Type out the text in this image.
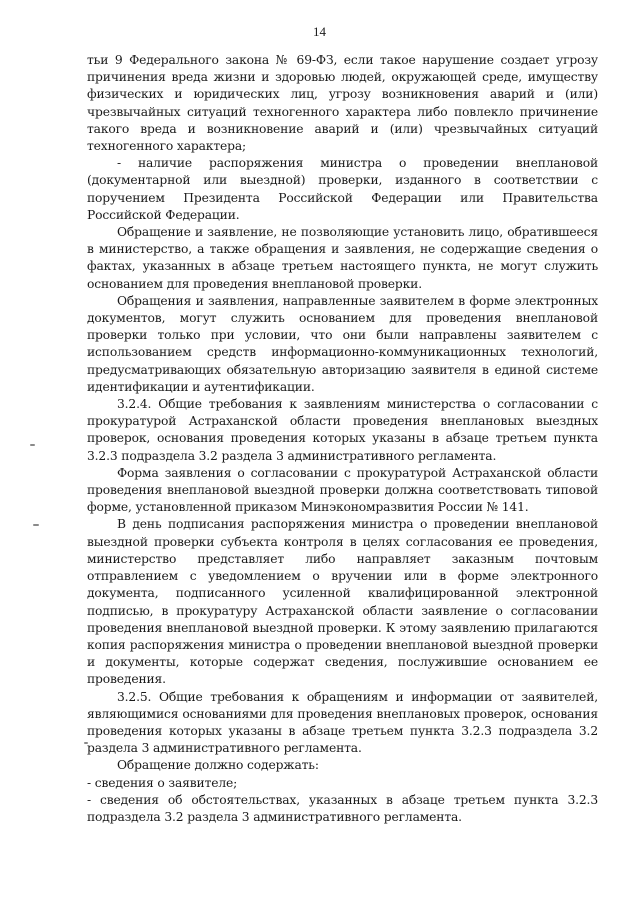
14

тьи 9 Федерального закона № 69-ФЗ, если такое нарушение создает угрозу причинения вреда жизни и здоровью людей, окружающей среде, имуществу физических и юридических лиц, угрозу возникновения аварий и (или) чрезвычайных ситуаций техногенного характера либо повлекло причинение такого вреда и возникновение аварий и (или) чрезвычайных ситуаций техногенного характера;

- наличие распоряжения министра о проведении внеплановой (документарной или выездной) проверки, изданного в соответствии с поручением Президента Российской Федерации или Правительства Российской Федерации.

Обращение и заявление, не позволяющие установить лицо, обратившееся в министерство, а также обращения и заявления, не содержащие сведения о фактах, указанных в абзаце третьем настоящего пункта, не могут служить основанием для проведения внеплановой проверки.

Обращения и заявления, направленные заявителем в форме электронных документов, могут служить основанием для проведения внеплановой проверки только при условии, что они были направлены заявителем с использованием средств информационно-коммуникационных технологий, предусматривающих обязательную авторизацию заявителя в единой системе идентификации и аутентификации.

3.2.4. Общие требования к заявлениям министерства о согласовании с прокуратурой Астраханской области проведения внеплановых выездных проверок, основания проведения которых указаны в абзаце третьем пункта 3.2.3 подраздела 3.2 раздела 3 административного регламента.

Форма заявления о согласовании с прокуратурой Астраханской области проведения внеплановой выездной проверки должна соответствовать типовой форме, установленной приказом Минэкономразвития России № 141.

В день подписания распоряжения министра о проведении внеплановой выездной проверки субъекта контроля в целях согласования ее проведения, министерство представляет либо направляет заказным почтовым отправлением с уведомлением о вручении или в форме электронного документа, подписанного усиленной квалифицированной электронной подписью, в прокуратуру Астраханской области заявление о согласовании проведения внеплановой выездной проверки. К этому заявлению прилагаются копия распоряжения министра о проведении внеплановой выездной проверки и документы, которые содержат сведения, послужившие основанием ее проведения.

3.2.5. Общие требования к обращениям и информации от заявителей, являющимися основаниями для проведения внеплановых проверок, основания проведения которых указаны в абзаце третьем пункта 3.2.3 подраздела 3.2 раздела 3 административного регламента.

Обращение должно содержать:

- сведения о заявителе;

- сведения об обстоятельствах, указанных в абзаце третьем пункта 3.2.3 подраздела 3.2 раздела 3 административного регламента.
